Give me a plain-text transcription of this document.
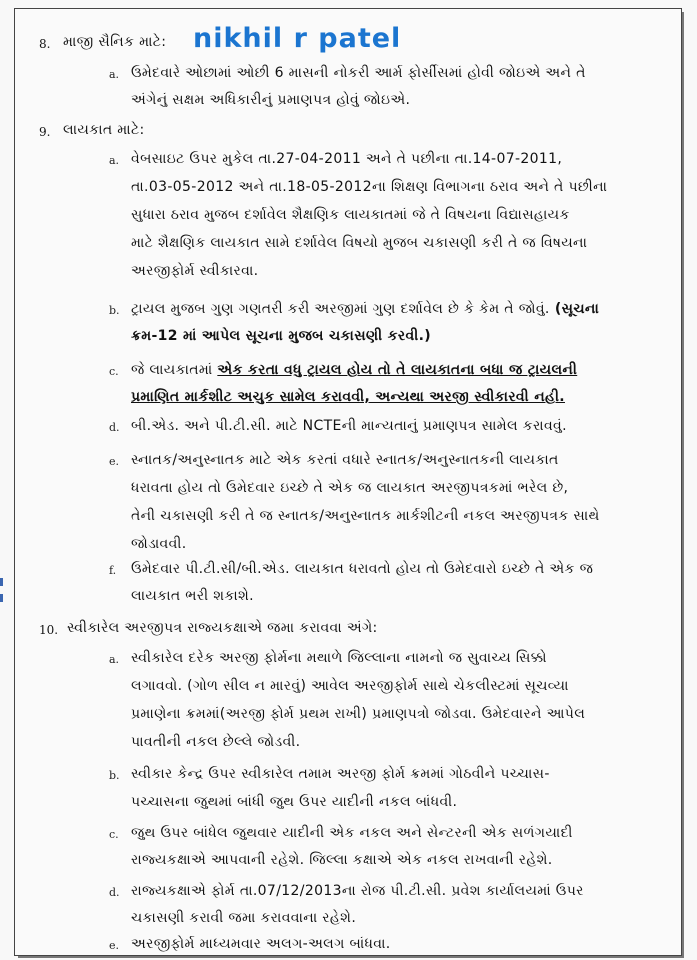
8. માજી સૈનિક માટે: nikhil r patel
a. ઉમેદવારે ઓછામાં ઓછી 6 માસની નોકરી આર્મ ફોર્સીસમાં હોવી જોઇએ અને તે
અંગેનું સક્ષમ અધિકારીનું પ્રમાણપત્ર હોવું જોઇએ.
9. લાયકાત માટે:
a. વેબસાઇટ ઉપર મુકેલ તા.27-04-2011 અને તે પછીના તા.14-07-2011,
તા.03-05-2012 અને તા.18-05-2012ના શિક્ષણ વિભાગના ઠરાવ અને તે પછીના
સુધારા ઠરાવ મુજબ દર્શાવેલ શૈક્ષણિક લાયકાતમાં જે તે વિષયના વિદ્યાસહાયક
માટે શૈક્ષણિક લાયકાત સામે દર્શાવેલ વિષયો મુજબ ચકાસણી કરી તે જ વિષયના
અરજીફોર્મ સ્વીકારવા.
b. ટ્રાયલ મુજબ ગુણ ગણતરી કરી અરજીમાં ગુણ દર્શાવેલ છે કે કેમ તે જોવું. (સૂચના
ક્રમ-12 માં આપેલ સૂચના મુજબ ચકાસણી કરવી.)
c. જે લાયકાતમાં એક કરતા વધુ ટ્રાયલ હોય તો તે લાયકાતના બધા જ ટ્રાયલની
પ્રમાણિત માર્કશીટ અચુક સામેલ કરાવવી, અન્યથા અરજી સ્વીકારવી નહી.
d. બી.એડ. અને પી.ટી.સી. માટે NCTEની માન્યતાનું પ્રમાણપત્ર સામેલ કરાવવું.
e. સ્નાતક/અનુસ્નાતક માટે એક કરતાં વધારે સ્નાતક/અનુસ્નાતકની લાયકાત
ધરાવતા હોય તો ઉમેદવાર ઇચ્છે તે એક જ લાયકાત અરજીપત્રકમાં ભરેલ છે,
તેની ચકાસણી કરી તે જ સ્નાતક/અનુસ્નાતક માર્કશીટની નકલ અરજીપત્રક સાથે
જોડાવવી.
f. ઉમેદવાર પી.ટી.સી/બી.એડ. લાયકાત ધરાવતો હોય તો ઉમેદવારો ઇચ્છે તે એક જ
લાયકાત ભરી શકાશે.
10. સ્વીકારેલ અરજીપત્ર રાજ્યકક્ષાએ જમા કરાવવા અંગે:
a. સ્વીકારેલ દરેક અરજી ફોર્મના મથાળે જિલ્લાના નામનો જ સુવાચ્ય સિક્કો
લગાવવો. (ગોળ સીલ ન મારવું) આવેલ અરજીફોર્મ સાથે ચેકલીસ્ટમાં સૂચવ્યા
પ્રમાણેના ક્રમમાં(અરજી ફોર્મ પ્રથમ રાખી) પ્રમાણપત્રો જોડવા. ઉમેદવારને આપેલ
પાવતીની નકલ છેલ્લે જોડવી.
b. સ્વીકાર કેન્દ્ર ઉપર સ્વીકારેલ તમામ અરજી ફોર્મ ક્રમમાં ગોઠવીને પચ્ચાસ-
પચ્ચાસના જુથમાં બાંધી જુથ ઉપર યાદીની નકલ બાંધવી.
c. જુથ ઉપર બાંધેલ જુથવાર યાદીની એક નકલ અને સેન્ટરની એક સળંગયાદી
રાજ્યકક્ષાએ આપવાની રહેશે. જિલ્લા કક્ષાએ એક નકલ રાખવાની રહેશે.
d. રાજ્યકક્ષાએ ફોર્મ તા.07/12/2013ના રોજ પી.ટી.સી. પ્રવેશ કાર્યાલયમાં ઉપર
ચકાસણી કરાવી જમા કરાવવાના રહેશે.
e. અરજીફોર્મ માધ્યમવાર અલગ-અલગ બાંધવા.
